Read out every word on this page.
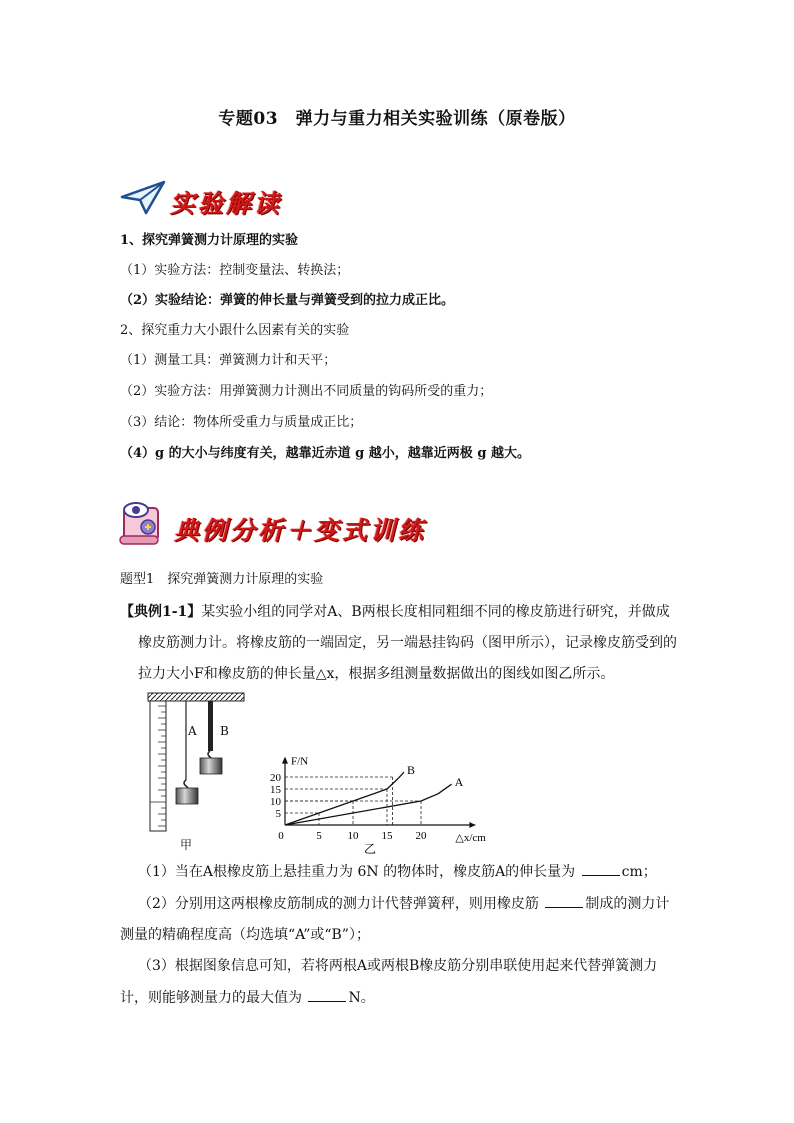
专题03　弹力与重力相关实验训练（原卷版）
实验解读
1、探究弹簧测力计原理的实验
（1）实验方法：控制变量法、转换法；
（2）实验结论：弹簧的伸长量与弹簧受到的拉力成正比。
2、探究重力大小跟什么因素有关的实验
（1）测量工具：弹簧测力计和天平；
（2）实验方法：用弹簧测力计测出不同质量的钩码所受的重力；
（3）结论：物体所受重力与质量成正比；
（4）g 的大小与纬度有关，越靠近赤道 g 越小，越靠近两极 g 越大。
典例分析＋变式训练
题型1　探究弹簧测力计原理的实验
【典例1-1】某实验小组的同学对A、B两根长度相同粗细不同的橡皮筋进行研究，并做成
橡皮筋测力计。将橡皮筋的一端固定，另一端悬挂钩码（图甲所示），记录橡皮筋受到的
拉力大小F和橡皮筋的伸长量△x，根据多组测量数据做出的图线如图乙所示。
A B
甲
5
10
15
20
5 10 15 20
0
F/N
△x/cm
A
B
乙
（1）当在A根橡皮筋上悬挂重力为 6N 的物体时，橡皮筋A的伸长量为	cm；
（2）分别用这两根橡皮筋制成的测力计代替弹簧秤，则用橡皮筋	制成的测力计
测量的精确程度高（均选填“A”或“B”）；
（3）根据图象信息可知，若将两根A或两根B橡皮筋分别串联使用起来代替弹簧测力
计，则能够测量力的最大值为	N。
